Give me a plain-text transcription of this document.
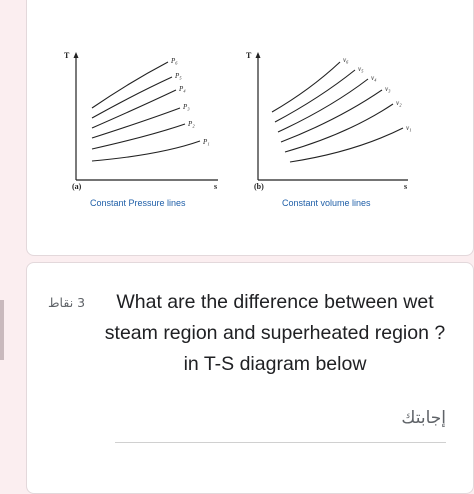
T
s
(a)
Constant Pressure lines
P₆
P₅
P₄
P₃
P₂
P₁
T
s
(b)
Constant volume lines
v₆
v₅
v₄
v₃
v₂
v₁
3 نقاط	What are the difference between wet steam region and superheated region ? in T-S diagram below
إجابتك
